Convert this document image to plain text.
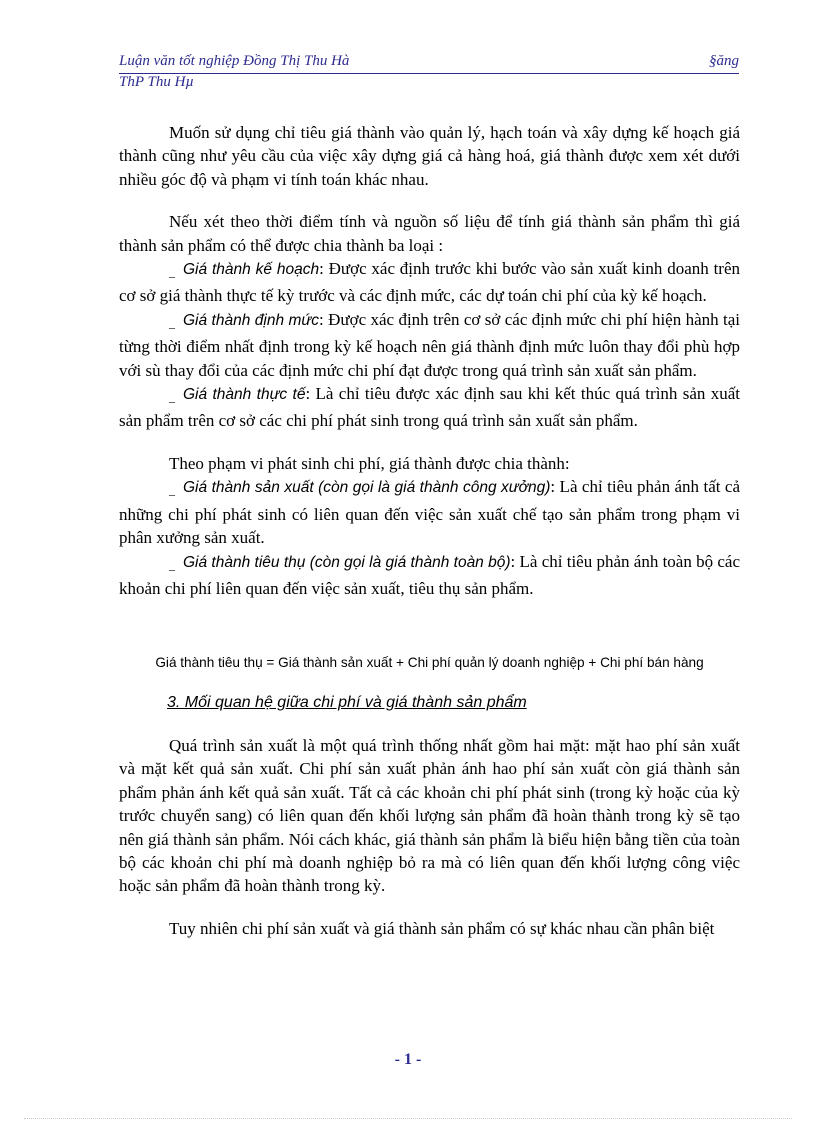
Luận văn tốt nghiệp Đồng Thị Thu Hà	§ăng
ThP Thu Hµ

Muốn sử dụng chỉ tiêu giá thành vào quản lý, hạch toán và xây dựng kế hoạch giá thành cũng như yêu cầu của việc xây dựng giá cả hàng hoá, giá thành được xem xét dưới nhiều góc độ và phạm vi tính toán khác nhau.

Nếu xét theo thời điểm tính và nguồn số liệu để tính giá thành sản phẩm thì giá thành sản phẩm có thể được chia thành ba loại :

_ Giá thành kế hoạch: Được xác định trước khi bước vào sản xuất kinh doanh trên cơ sở giá thành thực tế kỳ trước và các định mức, các dự toán chi phí của kỳ kế hoạch.

_ Giá thành định mức: Được xác định trên cơ sở các định mức chi phí hiện hành tại từng thời điểm nhất định trong kỳ kế hoạch nên giá thành định mức luôn thay đổi phù hợp với sù thay đổi của các định mức chi phí đạt được trong quá trình sản xuất sản phẩm.

_ Giá thành thực tế: Là chỉ tiêu được xác định sau khi kết thúc quá trình sản xuất sản phẩm trên cơ sở các chi phí phát sinh trong quá trình sản xuất sản phẩm.

Theo phạm vi phát sinh chi phí, giá thành được chia thành:

_ Giá thành sản xuất (còn gọi là giá thành công xưởng): Là chỉ tiêu phản ánh tất cả những chi phí phát sinh có liên quan đến việc sản xuất chế tạo sản phẩm trong phạm vi phân xưởng sản xuất.

_ Giá thành tiêu thụ (còn gọi là giá thành toàn bộ): Là chỉ tiêu phản ánh toàn bộ các khoản chi phí liên quan đến việc sản xuất, tiêu thụ sản phẩm.

Giá thành tiêu thụ = Giá thành sản xuất + Chi phí quản lý doanh nghiệp + Chi phí bán hàng
3. Mối quan hệ giữa chi phí và giá thành sản phẩm

Quá trình sản xuất là một quá trình thống nhất gồm hai mặt: mặt hao phí sản xuất và mặt kết quả sản xuất. Chi phí sản xuất phản ánh hao phí sản xuất còn giá thành sản phẩm phản ánh kết quả sản xuất. Tất cả các khoản chi phí phát sinh (trong kỳ hoặc của kỳ trước chuyển sang) có liên quan đến khối lượng sản phẩm đã hoàn thành trong kỳ sẽ tạo nên giá thành sản phẩm. Nói cách khác, giá thành sản phẩm là biểu hiện bằng tiền của toàn bộ các khoản chi phí mà doanh nghiệp bỏ ra mà có liên quan đến khối lượng công việc hoặc sản phẩm đã hoàn thành trong kỳ.

Tuy nhiên chi phí sản xuất và giá thành sản phẩm có sự khác nhau cần phân biệt

- 1 -
